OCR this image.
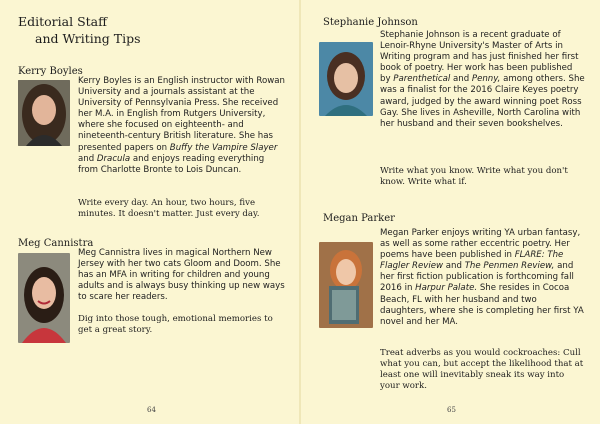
Editorial Staff
and Writing Tips
Kerry Boyles
Kerry Boyles is an English instructor with Rowan University and a journals assistant at the University of Pennsylvania Press. She received her M.A. in English from Rutgers University, where she focused on eighteenth- and nineteenth-century British literature. She has presented papers on Buffy the Vampire Slayer and Dracula and enjoys reading everything from Charlotte Bronte to Lois Duncan.
Write every day. An hour, two hours, five minutes. It doesn't matter. Just every day.
Meg Cannistra
Meg Cannistra lives in magical Northern New Jersey with her two cats Gloom and Doom. She has an MFA in writing for children and young adults and is always busy thinking up new ways to scare her readers.
Dig into those tough, emotional memories to get a great story.
64
Stephanie Johnson
Stephanie Johnson is a recent graduate of Lenoir-Rhyne University's Master of Arts in Writing program and has just finished her first book of poetry. Her work has been published by Parenthetical and Penny, among others. She was a finalist for the 2016 Claire Keyes poetry award, judged by the award winning poet Ross Gay. She lives in Asheville, North Carolina with her husband and their seven bookshelves.
Write what you know. Write what you don't know. Write what if.
Megan Parker
Megan Parker enjoys writing YA urban fantasy, as well as some rather eccentric poetry. Her poems have been published in FLARE: The Flagler Review and The Penmen Review, and her first fiction publication is forthcoming fall 2016 in Harpur Palate. She resides in Cocoa Beach, FL with her husband and two daughters, where she is completing her first YA novel and her MA.
Treat adverbs as you would cockroaches: Cull what you can, but accept the likelihood that at least one will inevitably sneak its way into your work.
65
